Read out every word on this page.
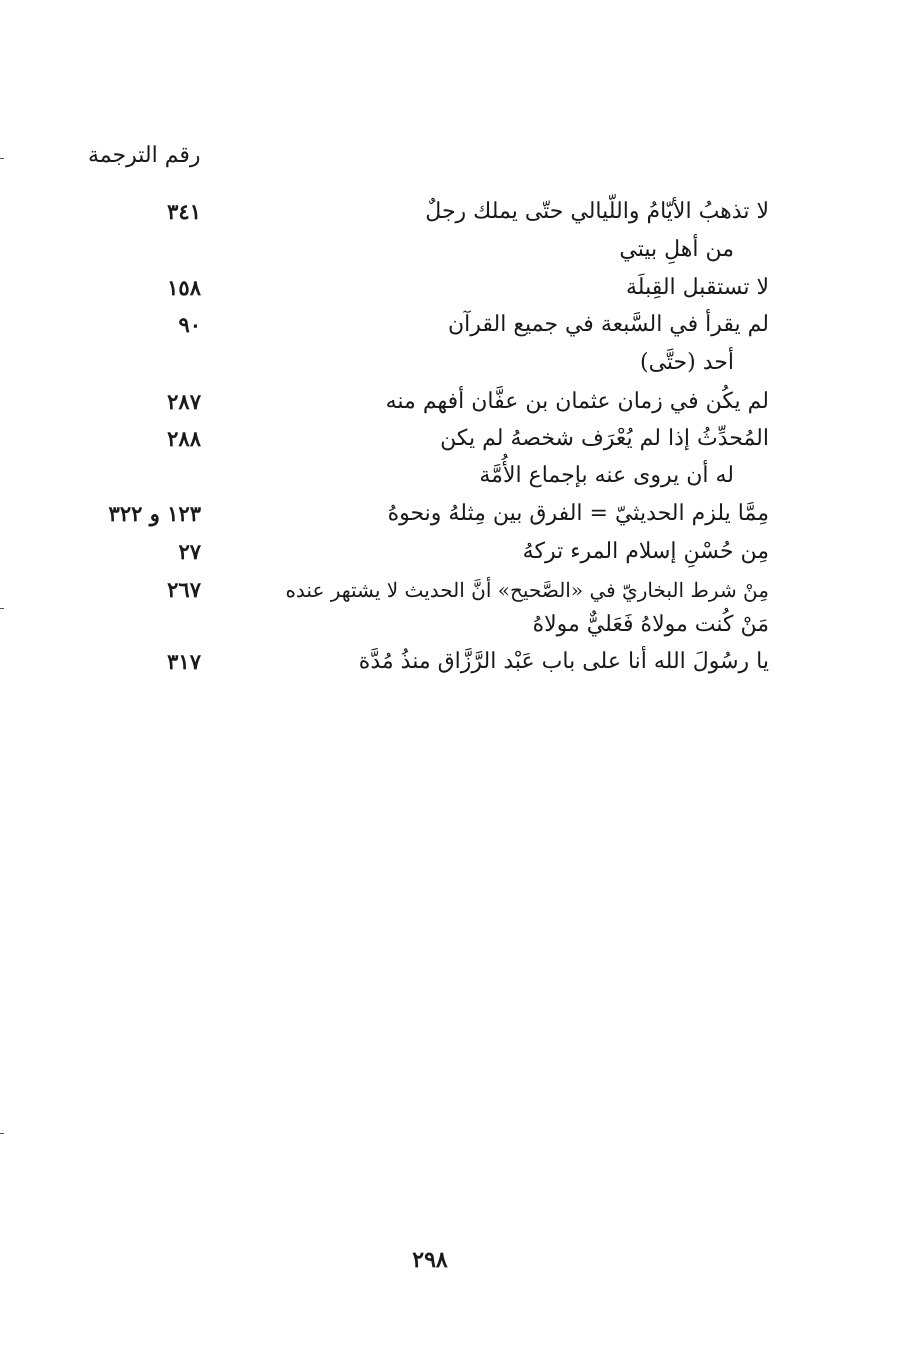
رقم الترجمة
لا تذهبُ الأيّامُ واللّيالي حتّى يملك رجلٌ
٣٤١
من أهلِ بيتي
لا تستقبل القِبلَة
١٥٨
لم يقرأ في السَّبعة في جميع القرآن
٩٠
أحد (حتَّى)
لم يكُن في زمان عثمان بن عفَّان أفهم منه
٢٨٧
المُحدِّثُ إذا لم يُعْرَف شخصهُ لم يكن
٢٨٨
له أن يروى عنه بإجماع الأُمَّة
مِمَّا يلزم الحديثيّ = الفرق بين مِثلهُ ونحوهُ
١٢٣ و ٣٢٢
مِن حُسْنِ إسلام المرء تركهُ
٢٧
مِنْ شرط البخاريّ في «الصَّحيح» أنَّ الحديث لا يشتهر عنده
٢٦٧
مَنْ كُنت مولاهُ فَعَليٌّ مولاهُ
يا رسُولَ الله أنا على باب عَبْد الرَّزَّاق منذُ مُدَّة
٣١٧
٢٩٨
